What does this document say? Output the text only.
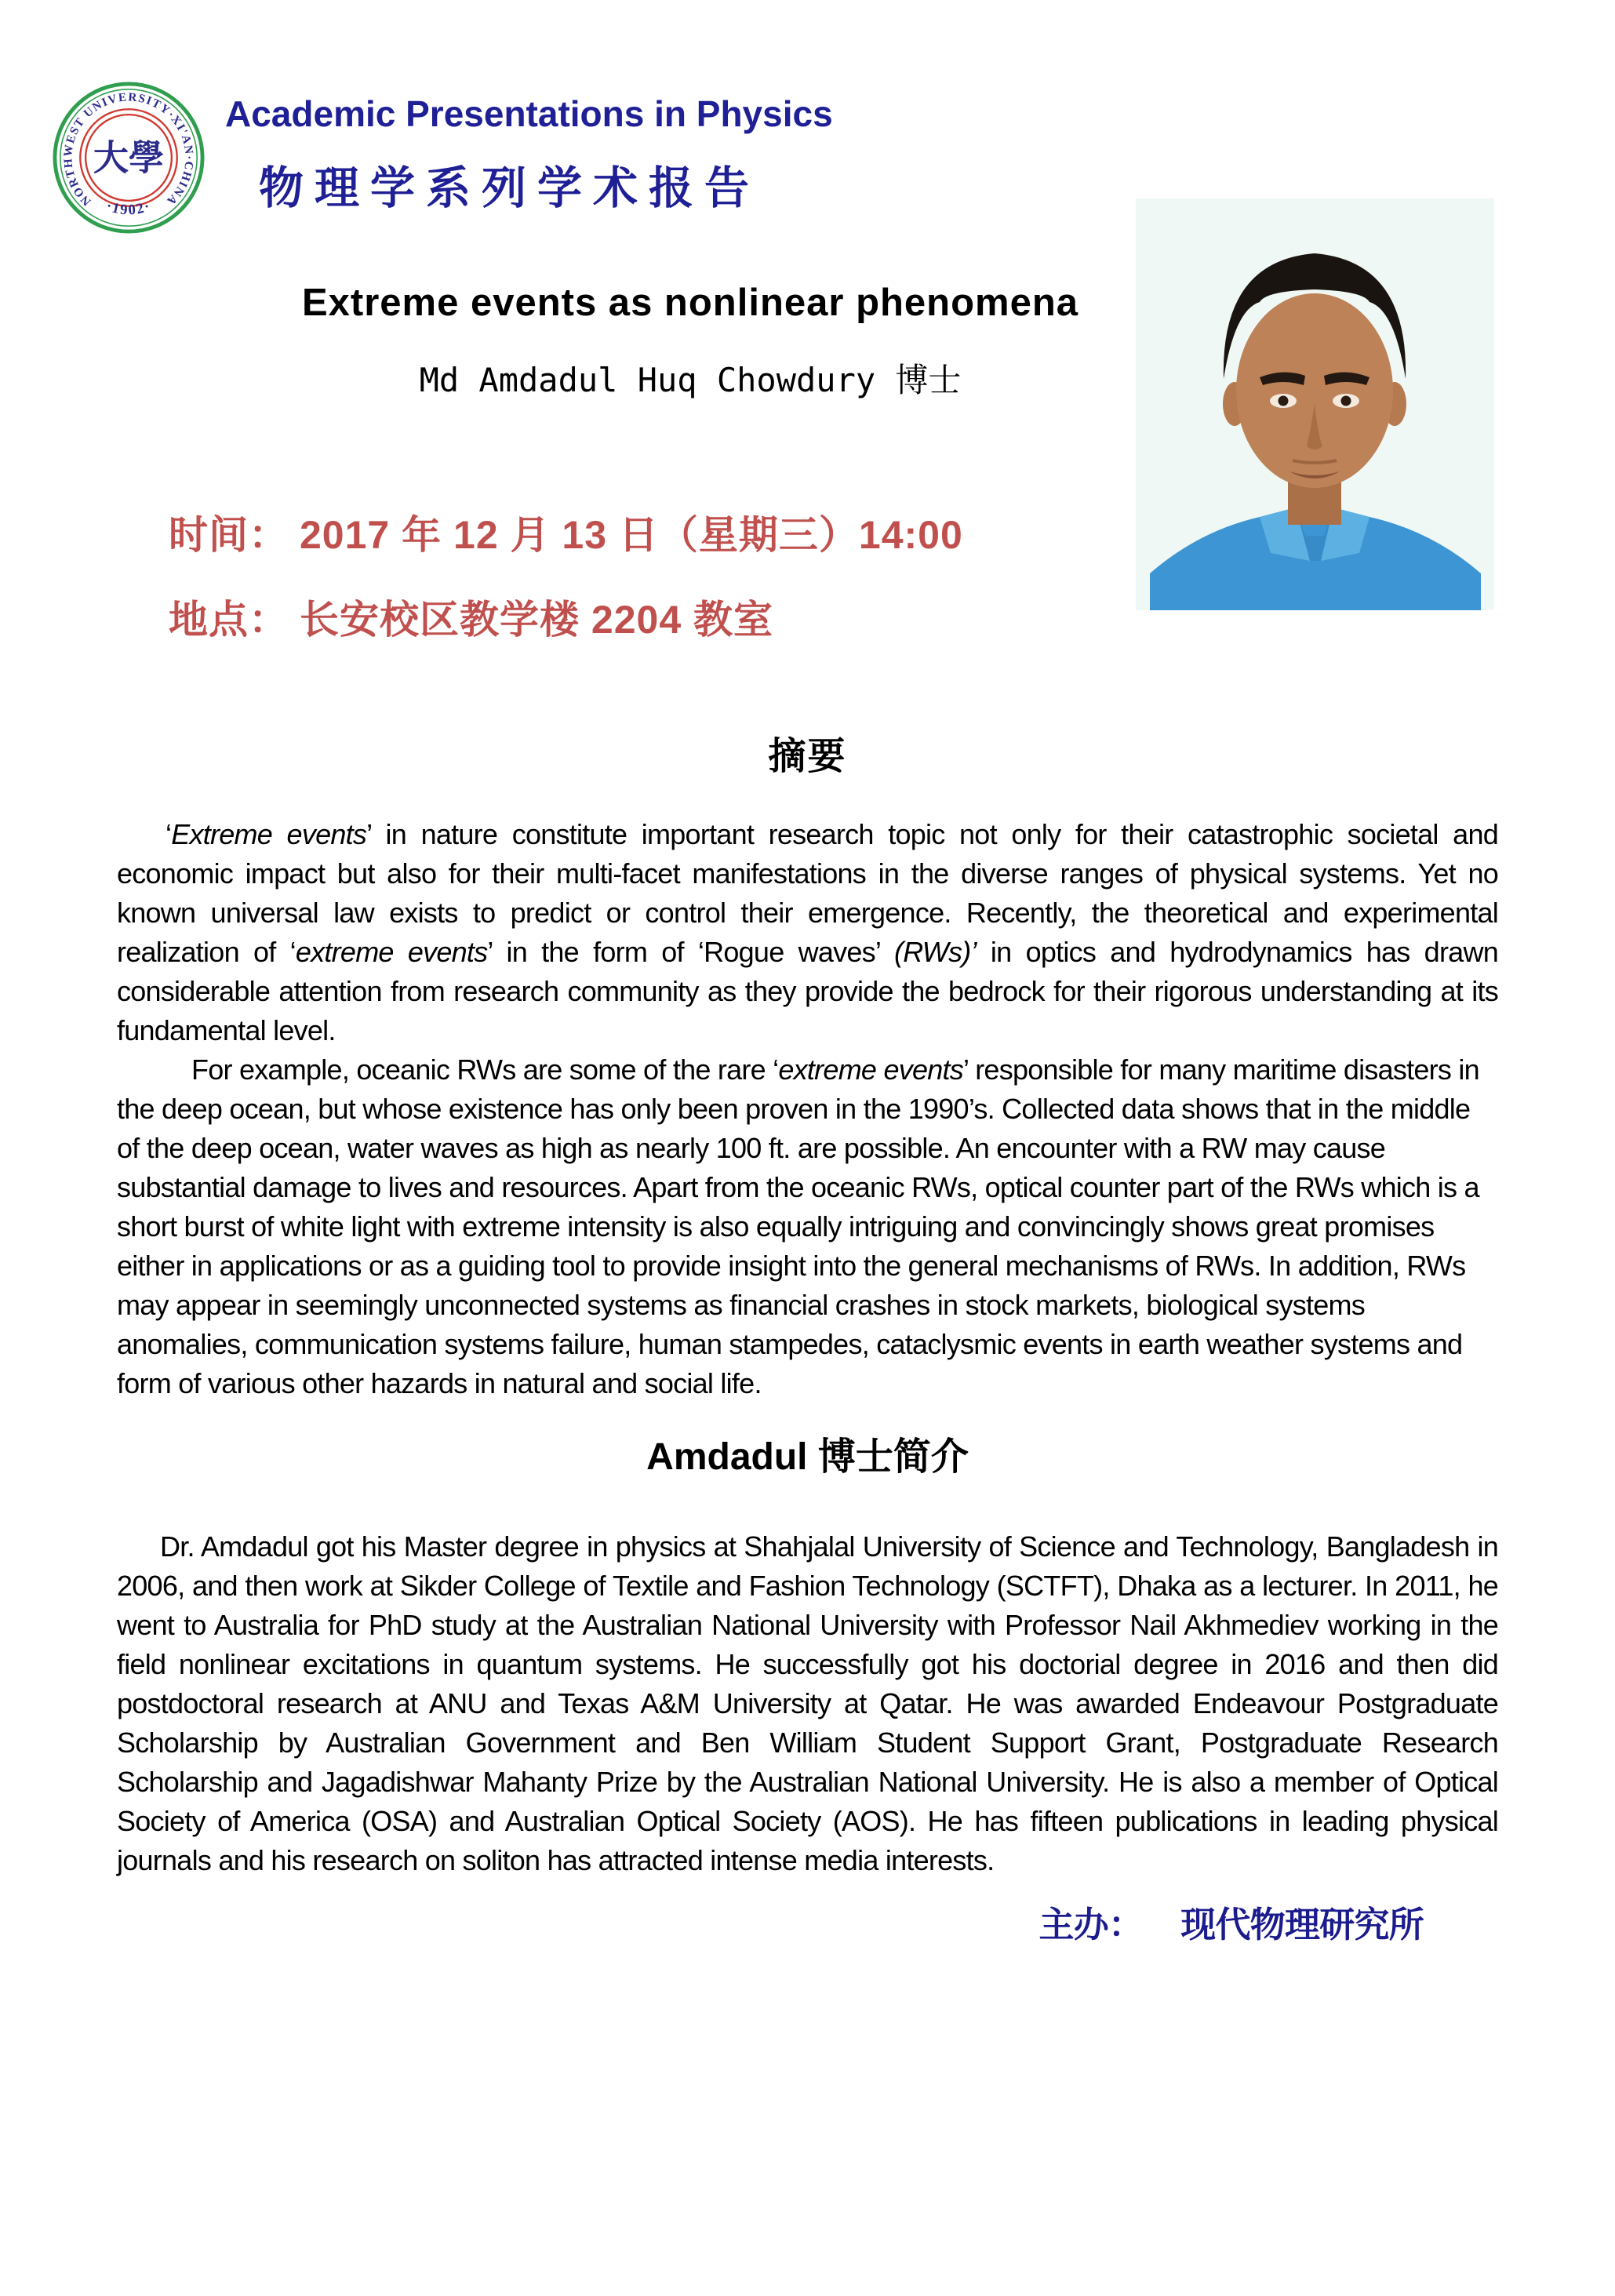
NORTHWEST UNIVERSITY·XI'AN·CHINA
·1902·
大學
Academic Presentations in Physics
物理学系列学术报告
Extreme events as nonlinear phenomena
Md Amdadul Huq Chowdury 博士
时间： 2017 年 12 月 13 日（星期三）14:00
地点： 长安校区教学楼 2204 教室
摘要

‘Extreme events’ in nature constitute important research topic not only for their catastrophic societal and economic impact but also for their multi-facet manifestations in the diverse ranges of physical systems. Yet no known universal law exists to predict or control their emergence. Recently, the theoretical and experimental realization of ‘extreme events’ in the form of ‘Rogue waves’ (RWs)’ in optics and hydrodynamics has drawn considerable attention from research community as they provide the bedrock for their rigorous understanding at its fundamental level.

For example, oceanic RWs are some of the rare ‘extreme events’ responsible for many maritime disasters in the deep ocean, but whose existence has only been proven in the 1990’s. Collected data shows that in the middle of the deep ocean, water waves as high as nearly 100 ft. are possible. An encounter with a RW may cause substantial damage to lives and resources. Apart from the oceanic RWs, optical counter part of the RWs which is a short burst of white light with extreme intensity is also equally intriguing and convincingly shows great promises either in applications or as a guiding tool to provide insight into the general mechanisms of RWs. In addition, RWs may appear in seemingly unconnected systems as financial crashes in stock markets, biological systems anomalies, communication systems failure, human stampedes, cataclysmic events in earth weather systems and form of various other hazards in natural and social life.

Amdadul 博士简介

Dr. Amdadul got his Master degree in physics at Shahjalal University of Science and Technology, Bangladesh in 2006, and then work at Sikder College of Textile and Fashion Technology (SCTFT), Dhaka as a lecturer. In 2011, he went to Australia for PhD study at the Australian National University with Professor Nail Akhmediev working in the field nonlinear excitations in quantum systems. He successfully got his doctorial degree in 2016 and then did postdoctoral research at ANU and Texas A&M University at Qatar. He was awarded Endeavour Postgraduate Scholarship by Australian Government and Ben William Student Support Grant, Postgraduate Research Scholarship and Jagadishwar Mahanty Prize by the Australian National University. He is also a member of Optical Society of America (OSA) and Australian Optical Society (AOS). He has fifteen publications in leading physical journals and his research on soliton has attracted intense media interests.

主办： 现代物理研究所
